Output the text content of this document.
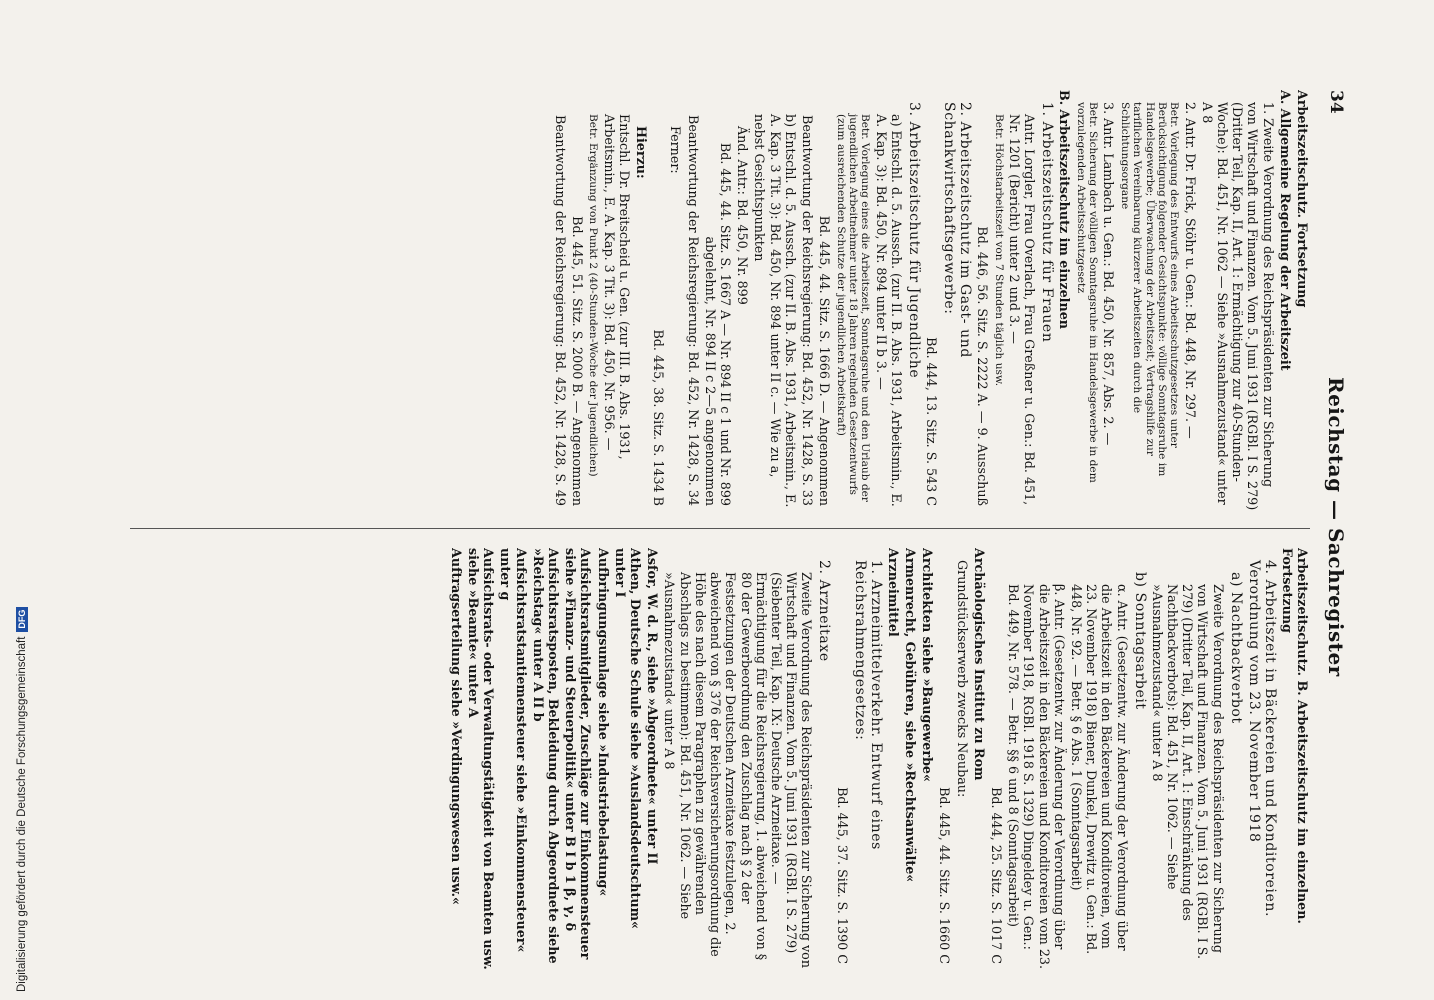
34
Reichstag — Sachregister
Arbeitszeitschutz. Fortsetzung
A. Allgemeine Regelung der Arbeitszeit
1. Zweite Verordnung des Reichspräsidenten zur Sicherung von Wirtschaft und Finanzen. Vom 5. Juni 1931 (RGBl. I S. 279) (Dritter Teil, Kap. II, Art. 1: Ermächtigung zur 40-Stunden-Woche): Bd. 451, Nr. 1062 — Siehe »Ausnahmezustand« unter A 8
2. Antr. Dr. Frick, Stöhr u. Gen.: Bd. 448, Nr. 297. —
Betr. Vorlegung des Entwurfs eines Arbeitsschutzgesetzes unter Berücksichtigung folgender Gesichtspunkte: völlige Sonntagsruhe im Handelsgewerbe; Überwachung der Arbeitszeit; Vertragshilfe zur tariflichen Vereinbarung kürzerer Arbeitszeiten durch die Schlichtungsorgane
3. Antr. Lambach u. Gen.: Bd. 450, Nr. 857, Abs. 2. —
Betr. Sicherung der völligen Sonntagsruhe im Handelsgewerbe in dem vorzulegenden Arbeitsschutzgesetz
B. Arbeitszeitschutz im einzelnen
1. Arbeitszeitschutz für Frauen
Antr. Lorgler, Frau Overlach, Frau Greßner u. Gen.: Bd. 451, Nr. 1201 (Bericht) unter 2 und 3. —
Betr. Höchstarbeitszeit von 7 Stunden täglich usw.
Bd. 446, 56. Sitz. S. 2222 A. — 9. Ausschuß
2. Arbeitszeitschutz im Gast- und Schankwirtschaftsgewerbe:
Bd. 444, 13. Sitz. S. 543 C
3. Arbeitszeitschutz für Jugendliche
a) Entschl. d. 5. Aussch. (zur II. B. Abs. 1931, Arbeitsmin., E. A. Kap. 3): Bd. 450, Nr. 894 unter II b 3. —
Betr. Vorlegung eines die Arbeitszeit, Sonntagsruhe und den Urlaub der jugendlichen Arbeitnehmer unter 18 Jahren regelnden Gesetzentwurfs (zum ausreichenden Schutze der jugendlichen Arbeitskraft)
Bd. 445, 44. Sitz. S. 1666 D. — Angenommen
Beantwortung der Reichsregierung: Bd. 452, Nr. 1428, S. 33
b) Entschl. d. 5. Aussch. (zur II. B. Abs. 1931, Arbeitsmin., E. A. Kap. 3 Tit. 3): Bd. 450, Nr. 894 unter II c. — Wie zu a, nebst Gesichtspunkten
Änd. Antr.: Bd. 450, Nr. 899
Bd. 445, 44. Sitz. S. 1667 A — Nr. 894 II c 1 und Nr. 899 abgelehnt, Nr. 894 II c 2—5 angenommen
Beantwortung der Reichsregierung: Bd. 452, Nr. 1428, S. 34
Ferner:
Bd. 445, 38. Sitz. S. 1434 B
Hierzu:
Entschl. Dr. Breitscheid u. Gen. (zur III. B. Abs. 1931, Arbeitsmin., E. A. Kap. 3 Tit. 3): Bd. 450, Nr. 956. —
Betr. Ergänzung von Punkt 2 (40-Stunden-Woche der Jugendlichen)
Bd. 445, 51. Sitz. S. 2000 B. — Angenommen
Beantwortung der Reichsregierung: Bd. 452, Nr. 1428, S. 49
Arbeitszeitschutz. B. Arbeitszeitschutz im einzelnen. Fortsetzung
4. Arbeitszeit in Bäckereien und Konditoreien. Verordnung vom 23. November 1918
a) Nachtbackverbot
Zweite Verordnung des Reichspräsidenten zur Sicherung von Wirtschaft und Finanzen. Vom 5. Juni 1931 (RGBl. I S. 279) (Dritter Teil, Kap. II, Art. 1: Einschränkung des Nachtbackverbots): Bd. 451, Nr. 1062. — Siehe »Ausnahmezustand« unter A 8
b) Sonntagsarbeit
α. Antr. (Gesetzentw. zur Änderung der Verordnung über die Arbeitszeit in den Bäckereien und Konditoreien, vom 23. November 1918) Biener, Dunkel, Drewitz u. Gen.: Bd. 448, Nr. 92. — Betr. § 6 Abs. 1 (Sonntagsarbeit)
β. Antr. (Gesetzentw. zur Änderung der Verordnung über die Arbeitszeit in den Bäckereien und Konditoreien vom 23. November 1918, RGBl. 1918 S. 1329) Dingeldey u. Gen.: Bd. 449, Nr. 578. — Betr. §§ 6 und 8 (Sonntagsarbeit)
Bd. 444, 25. Sitz. S. 1017 C
Archäologisches Institut zu Rom
Grundstückserwerb zwecks Neubau:
Bd. 445, 44. Sitz. S. 1660 C
Architekten siehe »Baugewerbe«
Armenrecht, Gebühren, siehe »Rechtsanwälte«
Arzneimittel
1. Arzneimittelverkehr. Entwurf eines Reichsrahmengesetzes:
Bd. 445, 37. Sitz. S. 1390 C
2. Arzneitaxe
Zweite Verordnung des Reichspräsidenten zur Sicherung von Wirtschaft und Finanzen. Vom 5. Juni 1931 (RGBl. I S. 279) (Siebenter Teil, Kap. IX: Deutsche Arzneitaxe. — Ermächtigung für die Reichsregierung, 1. abweichend von § 80 der Gewerbeordnung den Zuschlag nach § 2 der Festsetzungen der Deutschen Arzneitaxe festzulegen, 2. abweichend von § 376 der Reichsversicherungsordnung die Höhe des nach diesem Paragraphen zu gewährenden Abschlags zu bestimmen): Bd. 451, Nr. 1062. — Siehe »Ausnahmezustand« unter A 8
Asfor, W. d. R., siehe »Abgeordnete« unter II
Athen, Deutsche Schule siehe »Auslandsdeutschtum« unter I
Aufbringungsumlage siehe »Industriebelastung«
Aufsichtsratsmitglieder, Zuschläge zur Einkommensteuer siehe »Finanz- und Steuerpolitik« unter B I b 1 β, γ, δ
Aufsichtsratsposten, Bekleidung durch Abgeordnete siehe »Reichstag« unter A II b
Aufsichtsratstantiemensteuer siehe »Einkommensteuer« unter g
Aufsichtsrats- oder Verwaltungstätigkeit von Beamten usw. siehe »Beamte« unter A
Auftragserteilung siehe »Verdingungswesen usw.«
Digitalisierung gefördert durch die Deutsche Forschungsgemeinschaft
DFG
